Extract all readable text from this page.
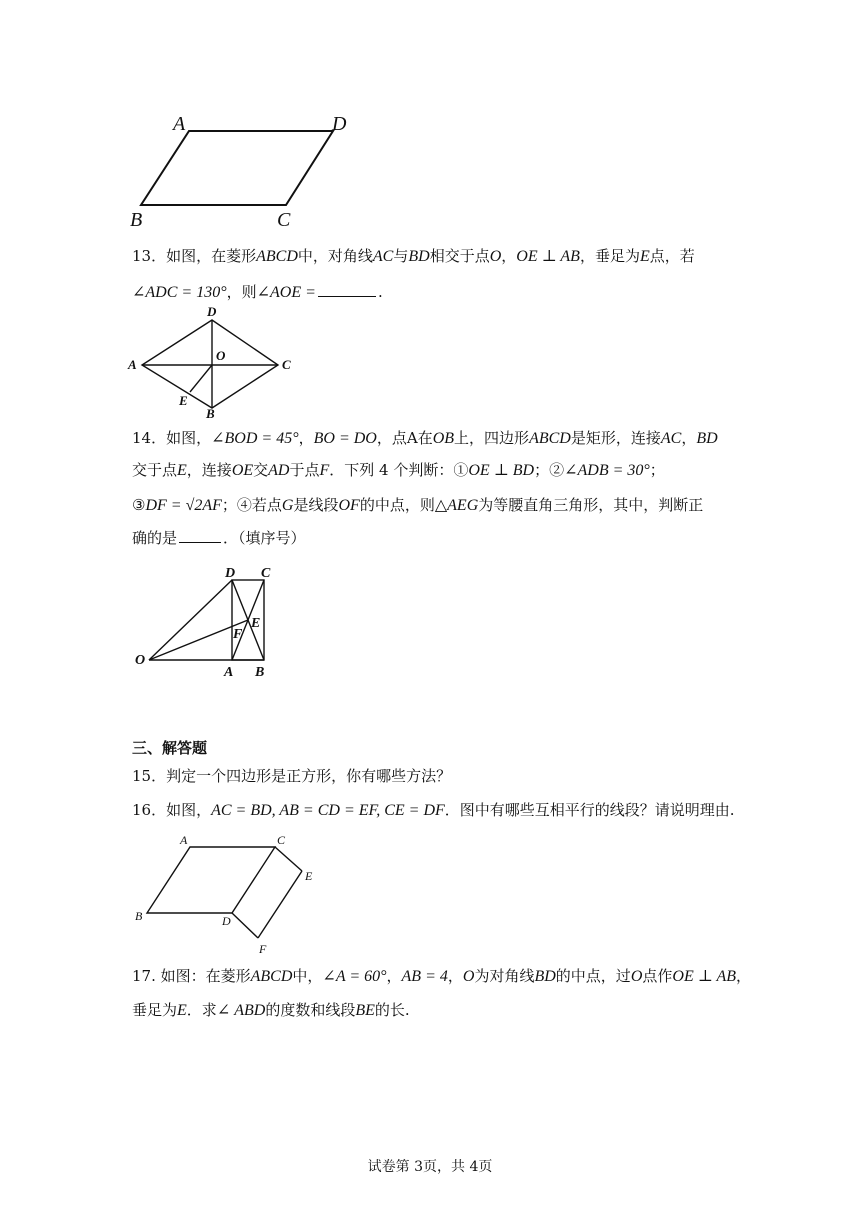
A	D
B	C
13．如图，在菱形ABCD中，对角线AC与BD相交于点O，OE ⊥ AB，垂足为E点，若
∠ADC = 130°，则∠AOE =	.
D
A
O
C
E
B
14．如图，∠BOD = 45°，BO = DO，点A在OB上，四边形ABCD是矩形，连接AC，BD
交于点E，连接OE交AD于点F．下列 4 个判断：①OE ⊥ BD；②∠ADB = 30°；
③DF = √2AF；④若点G是线段OF的中点，则△AEG为等腰直角三角形，其中，判断正
确的是	．（填序号）
D C
E
F
O
A B
三、解答题
15．判定一个四边形是正方形，你有哪些方法？
16．如图，AC = BD, AB = CD = EF, CE = DF．图中有哪些互相平行的线段？请说明理由.
A	C
E
B	D
F
17. 如图：在菱形ABCD中，∠A = 60°，AB = 4，O为对角线BD的中点，过O点作OE ⊥ AB，
垂足为E．求∠ ABD的度数和线段BE的长.
试卷第 3页，共 4页
